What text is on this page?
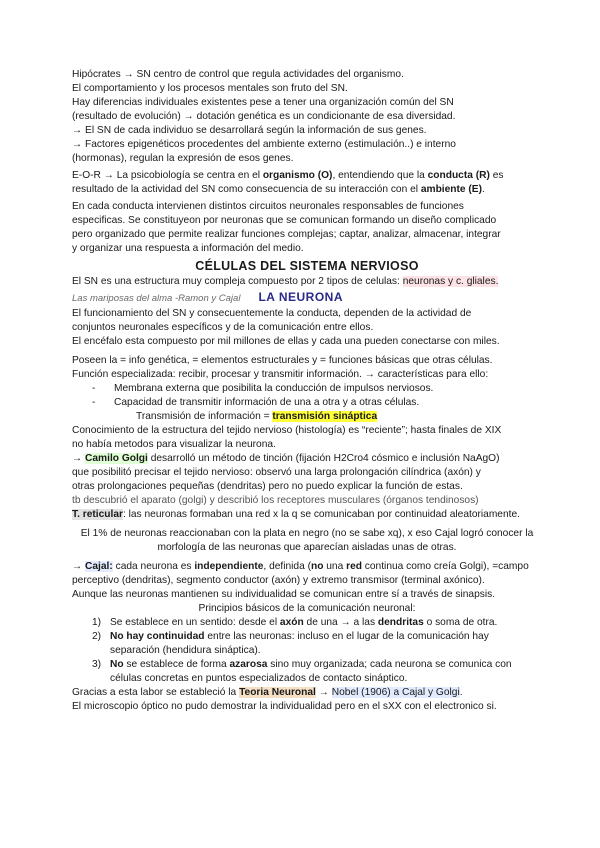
Hipócrates → SN centro de control que regula actividades del organismo.

El comportamiento y los procesos mentales son fruto del SN.

Hay diferencias individuales existentes pese a tener una organización común del SN

(resultado de evolución) → dotación genética es un condicionante de esa diversidad.

→ El SN de cada individuo se desarrollará según la información de sus genes.

→ Factores epigenéticos procedentes del ambiente externo (estimulación..) e interno

(hormonas), regulan la expresión de esos genes.

E-O-R → La psicobiología se centra en el organismo (O), entendiendo que la conducta (R) es

resultado de la actividad del SN como consecuencia de su interacción con el ambiente (E).

En cada conducta intervienen distintos circuitos neuronales responsables de funciones

especificas. Se constituyeon por neuronas que se comunican formando un diseño complicado

pero organizado que permite realizar funciones complejas; captar, analizar, almacenar, integrar

y organizar una respuesta a información del medio.

CÉLULAS DEL SISTEMA NERVIOSO

El SN es una estructura muy compleja compuesto por 2 tipos de celulas: neuronas y c. gliales.

Las mariposas del alma -Ramon y Cajal LA NEURONA

El funcionamiento del SN y consecuentemente la conducta, dependen de la actividad de

conjuntos neuronales específicos y de la comunicación entre ellos.

El encéfalo esta compuesto por mil millones de ellas y cada una pueden conectarse con miles.

Poseen la = info genética, = elementos estructurales y = funciones básicas que otras células.

Función especializada: recibir, procesar y transmitir información. → características para ello:

-	Membrana externa que posibilita la conducción de impulsos nerviosos.
-	Capacidad de transmitir información de una a otra y a otras células.

Transmisión de información = transmisión sináptica

Conocimiento de la estructura del tejido nervioso (histología) es “reciente”; hasta finales de XIX

no había metodos para visualizar la neurona.

→ Camilo Golgi desarrolló un método de tinción (fijación H2Cro4 cósmico e inclusión NaAgO)

que posibilitó precisar el tejido nervioso: observó una larga prolongación cilíndrica (axón) y

otras prolongaciones pequeñas (dendritas) pero no puedo explicar la función de estas.

tb descubrió el aparato (golgi) y describió los receptores musculares (órganos tendinosos)

T. reticular: las neuronas formaban una red x la q se comunicaban por continuidad aleatoriamente.

El 1% de neuronas reaccionaban con la plata en negro (no se sabe xq), x eso Cajal logró conocer la

morfología de las neuronas que aparecían aisladas unas de otras.

→ Cajal: cada neurona es independiente, definida (no una red continua como creía Golgi), =campo

perceptivo (dendritas), segmento conductor (axón) y extremo transmisor (terminal axónico).

Aunque las neuronas mantienen su individualidad se comunican entre sí a través de sinapsis.

Principios básicos de la comunicación neuronal:

1) Se establece en un sentido: desde el axón de una → a las dendritas o soma de otra.
2) No hay continuidad entre las neuronas: incluso en el lugar de la comunicación hay
separación (hendidura sináptica).
3) No se establece de forma azarosa sino muy organizada; cada neurona se comunica con
células concretas en puntos especializados de contacto sináptico.

Gracias a esta labor se estableció la Teoria Neuronal → Nobel (1906) a Cajal y Golgi.

El microscopio óptico no pudo demostrar la individualidad pero en el sXX con el electronico si.
